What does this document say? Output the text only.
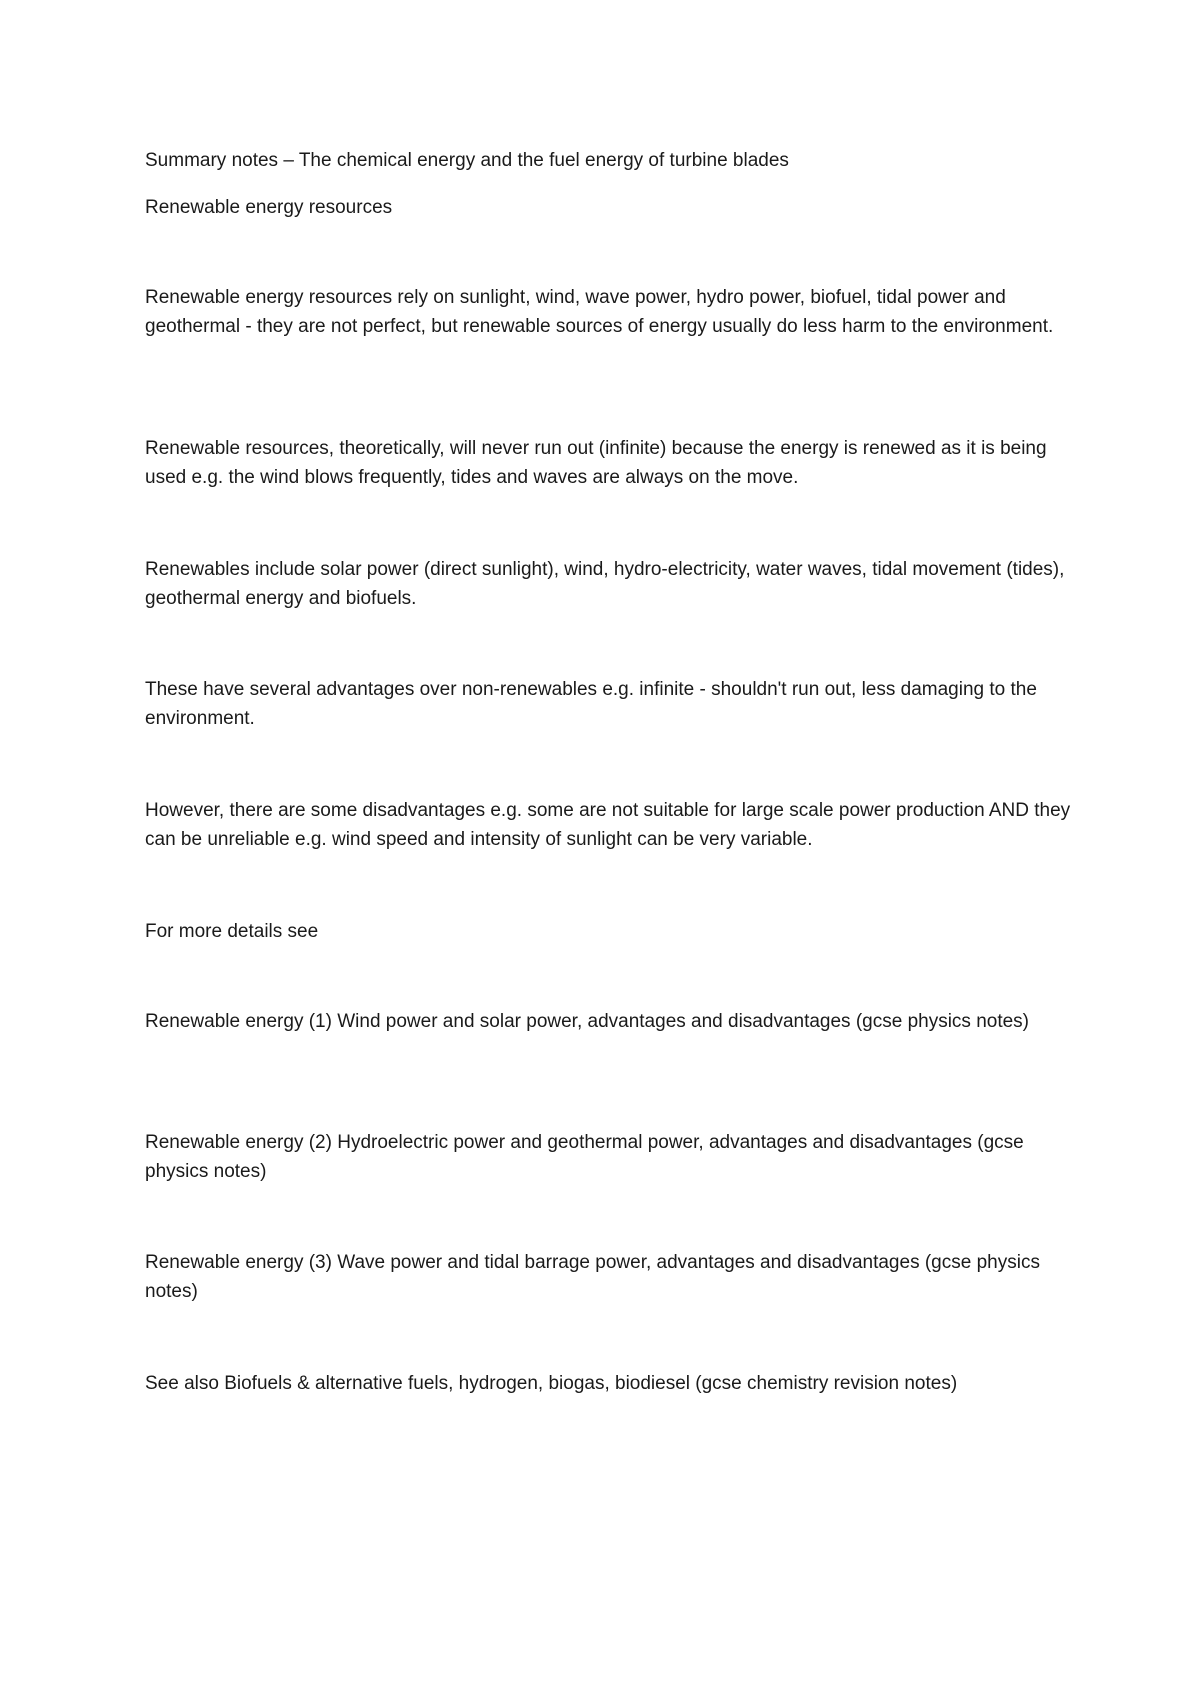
Summary notes – The chemical energy and the fuel energy of turbine blades

Renewable energy resources

Renewable energy resources rely on sunlight, wind, wave power, hydro power, biofuel, tidal power and geothermal - they are not perfect, but renewable sources of energy usually do less harm to the environment.

Renewable resources, theoretically, will never run out (infinite) because the energy is renewed as it is being used e.g. the wind blows frequently, tides and waves are always on the move.

Renewables include solar power (direct sunlight), wind, hydro-electricity, water waves, tidal movement (tides), geothermal energy and biofuels.

These have several advantages over non-renewables e.g. infinite - shouldn't run out, less damaging to the environment.

However, there are some disadvantages e.g. some are not suitable for large scale power production AND they can be unreliable e.g. wind speed and intensity of sunlight can be very variable.

For more details see

Renewable energy (1) Wind power and solar power, advantages and disadvantages (gcse physics notes)

Renewable energy (2) Hydroelectric power and geothermal power, advantages and disadvantages (gcse physics notes)

Renewable energy (3) Wave power and tidal barrage power, advantages and disadvantages (gcse physics notes)

See also Biofuels & alternative fuels, hydrogen, biogas, biodiesel (gcse chemistry revision notes)
